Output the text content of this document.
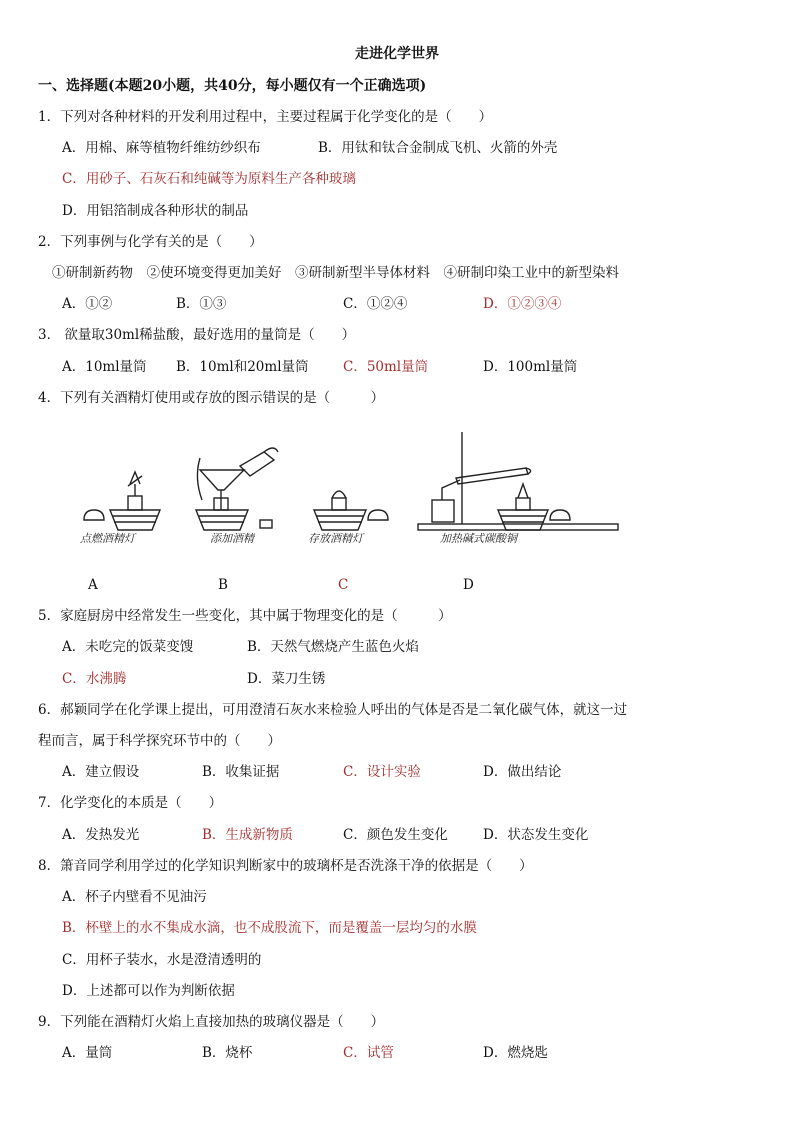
走进化学世界
一、选择题(本题20小题，共40分，每小题仅有一个正确选项)
1．下列对各种材料的开发利用过程中，主要过程属于化学变化的是（　　）
A．用棉、麻等植物纤维纺纱织布	B．用钛和钛合金制成飞机、火箭的外壳
C．用砂子、石灰石和纯碱等为原料生产各种玻璃
D．用铝箔制成各种形状的制品
2．下列事例与化学有关的是（　　）
①研制新药物　②使环境变得更加美好　③研制新型半导体材料　④研制印染工业中的新型染料
A．①②	B．①③	C．①②④	D．①②③④
3． 欲量取30ml稀盐酸，最好选用的量筒是（　　）
A．10ml量筒 B．10ml和20ml量筒	C．50ml量筒	D．100ml量筒
4．下列有关酒精灯使用或存放的图示错误的是（　　　）
点燃酒精灯	添加酒精	存放酒精灯	加热碱式碳酸铜
A	B	C	D
5．家庭厨房中经常发生一些变化，其中属于物理变化的是（　　　）
A．未吃完的饭菜变馊	B．天然气燃烧产生蓝色火焰
C．水沸腾	D．菜刀生锈
6．郝颖同学在化学课上提出，可用澄清石灰水来检验人呼出的气体是否是二氧化碳气体，就这一过
程而言，属于科学探究环节中的（　　）
A．建立假设	B．收集证据	C．设计实验	D．做出结论
7．化学变化的本质是（　　）
A．发热发光	B．生成新物质	C．颜色发生变化	D．状态发生变化
8．箫音同学利用学过的化学知识判断家中的玻璃杯是否洗涤干净的依据是（　　）
A．杯子内壁看不见油污
B．杯壁上的水不集成水滴，也不成股流下，而是覆盖一层均匀的水膜
C．用杯子装水，水是澄清透明的
D．上述都可以作为判断依据
9．下列能在酒精灯火焰上直接加热的玻璃仪器是（　　）
A．量筒	B．烧杯	C．试管	D．燃烧匙
